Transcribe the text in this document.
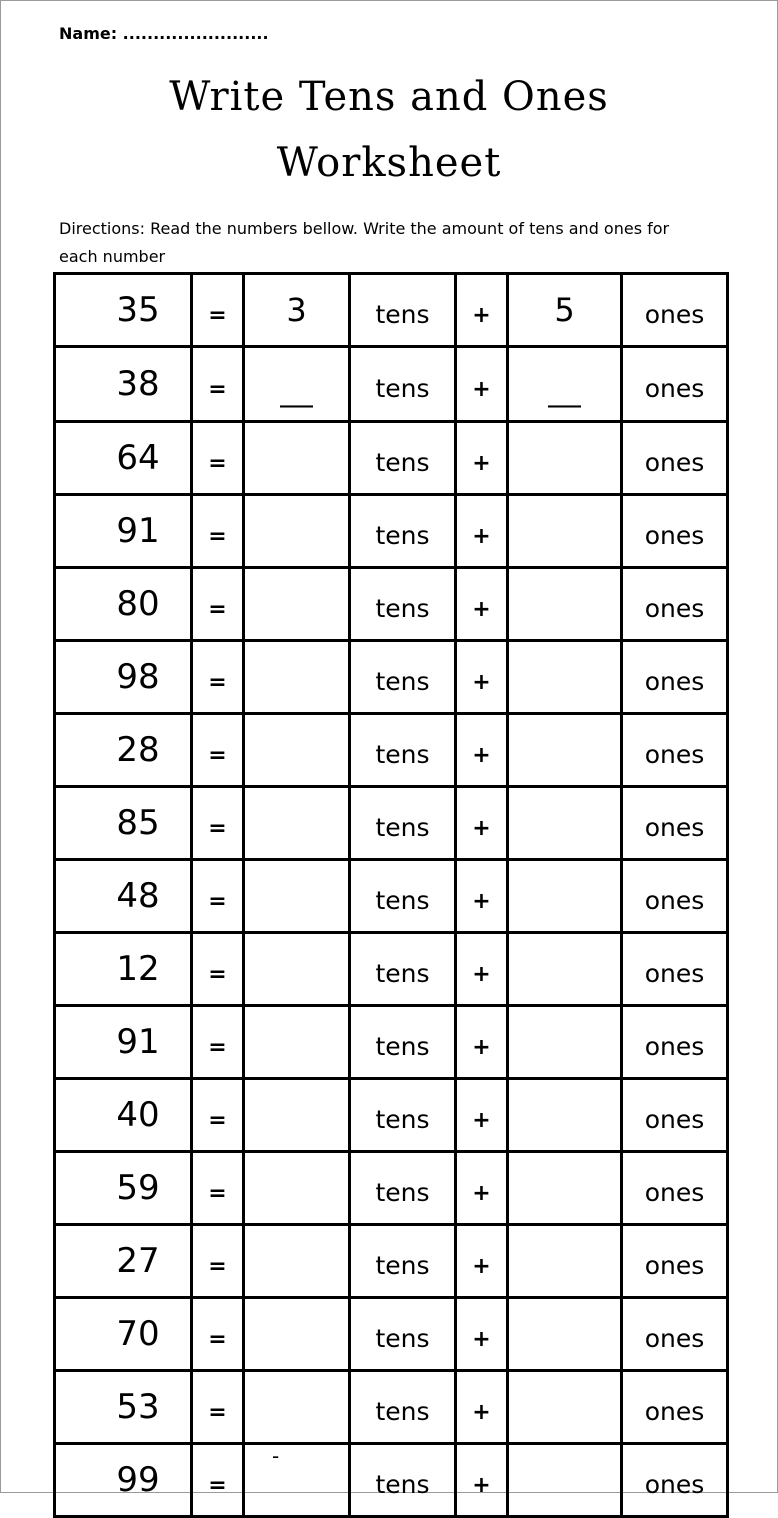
Name: ........................
Write Tens and Ones
Worksheet
Directions: Read the numbers bellow. Write the amount of tens and ones for each number
35	=	3	tens	+	5	ones
38	=	___	tens	+	___	ones
64	=		tens	+		ones
91	=		tens	+		ones
80	=		tens	+		ones
98	=		tens	+		ones
28	=		tens	+		ones
85	=		tens	+		ones
48	=		tens	+		ones
12	=		tens	+		ones
91	=		tens	+		ones
40	=		tens	+		ones
59	=		tens	+		ones
27	=		tens	+		ones
70	=		tens	+		ones
53	=		tens	+		ones
99	=		tens	+		ones
-
